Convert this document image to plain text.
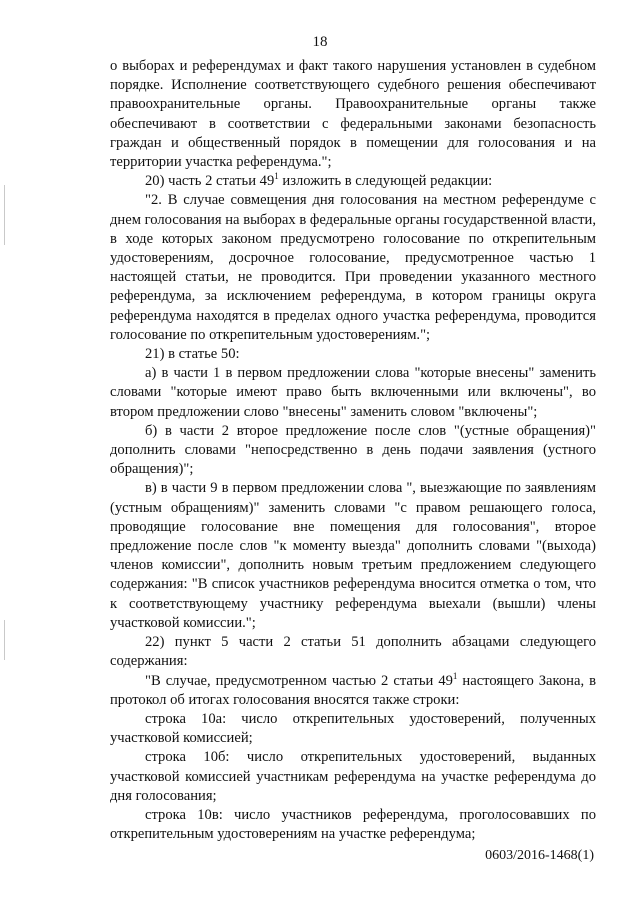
18

о выборах и референдумах и факт такого нарушения установлен в судебном порядке. Исполнение соответствующего судебного решения обеспечивают правоохранительные органы. Правоохранительные органы также обеспечивают в соответствии с федеральными законами безопасность граждан и общественный порядок в помещении для голосования и на территории участка референдума.";

20) часть 2 статьи $49^1$ изложить в следующей редакции:

"2. В случае совмещения дня голосования на местном референдуме с днем голосования на выборах в федеральные органы государственной власти, в ходе которых законом предусмотрено голосование по открепительным удостоверениям, досрочное голосование, предусмотренное частью 1 настоящей статьи, не проводится. При проведении указанного местного референдума, за исключением референдума, в котором границы округа референдума находятся в пределах одного участка референдума, проводится голосование по открепительным удостоверениям.";

21) в статье 50:

а) в части 1 в первом предложении слова "которые внесены" заменить словами "которые имеют право быть включенными или включены", во втором предложении слово "внесены" заменить словом "включены";

б) в части 2 второе предложение после слов "(устные обращения)" дополнить словами "непосредственно в день подачи заявления (устного обращения)";

в) в части 9 в первом предложении слова ", выезжающие по заявлениям (устным обращениям)" заменить словами "с правом решающего голоса, проводящие голосование вне помещения для голосования", второе предложение после слов "к моменту выезда" дополнить словами "(выхода) членов комиссии", дополнить новым третьим предложением следующего содержания: "В список участников референдума вносится отметка о том, что к соответствующему участнику референдума выехали (вышли) члены участковой комиссии.";

22) пункт 5 части 2 статьи 51 дополнить абзацами следующего содержания:

"В случае, предусмотренном частью 2 статьи $49^1$ настоящего Закона, в протокол об итогах голосования вносятся также строки:

строка 10а: число открепительных удостоверений, полученных участковой комиссией;

строка 10б: число открепительных удостоверений, выданных участковой комиссией участникам референдума на участке референдума до дня голосования;

строка 10в: число участников референдума, проголосовавших по открепительным удостоверениям на участке референдума;

0603/2016-1468(1)
